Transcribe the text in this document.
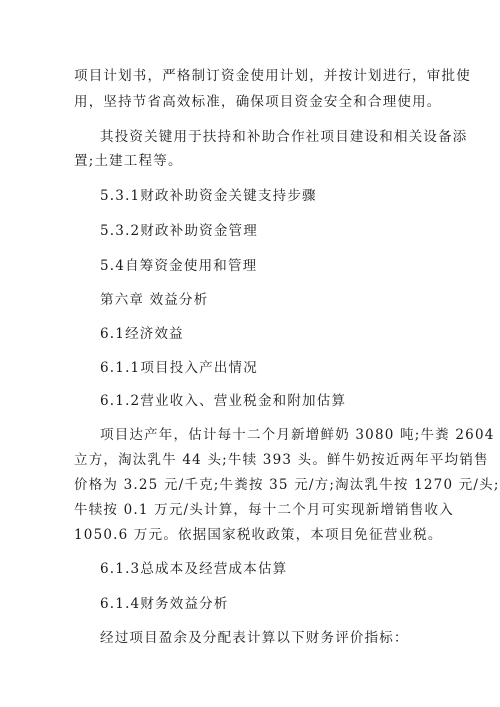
项目计划书，严格制订资金使用计划，并按计划进行，审批使
用，坚持节省高效标准，确保项目资金安全和合理使用。
其投资关键用于扶持和补助合作社项目建设和相关设备添
置;土建工程等。
5.3.1财政补助资金关键支持步骤
5.3.2财政补助资金管理
5.4自筹资金使用和管理
第六章 效益分析
6.1经济效益
6.1.1项目投入产出情况
6.1.2营业收入、营业税金和附加估算
项目达产年，估计每十二个月新增鲜奶 3080 吨;牛粪 2604
立方，淘汰乳牛 44 头;牛犊 393 头。鲜牛奶按近两年平均销售
价格为 3.25 元/千克;牛粪按 35 元/方;淘汰乳牛按 1270 元/头;
牛犊按 0.1 万元/头计算，每十二个月可实现新增销售收入
1050.6 万元。依据国家税收政策，本项目免征营业税。
6.1.3总成本及经营成本估算
6.1.4财务效益分析
经过项目盈余及分配表计算以下财务评价指标：
